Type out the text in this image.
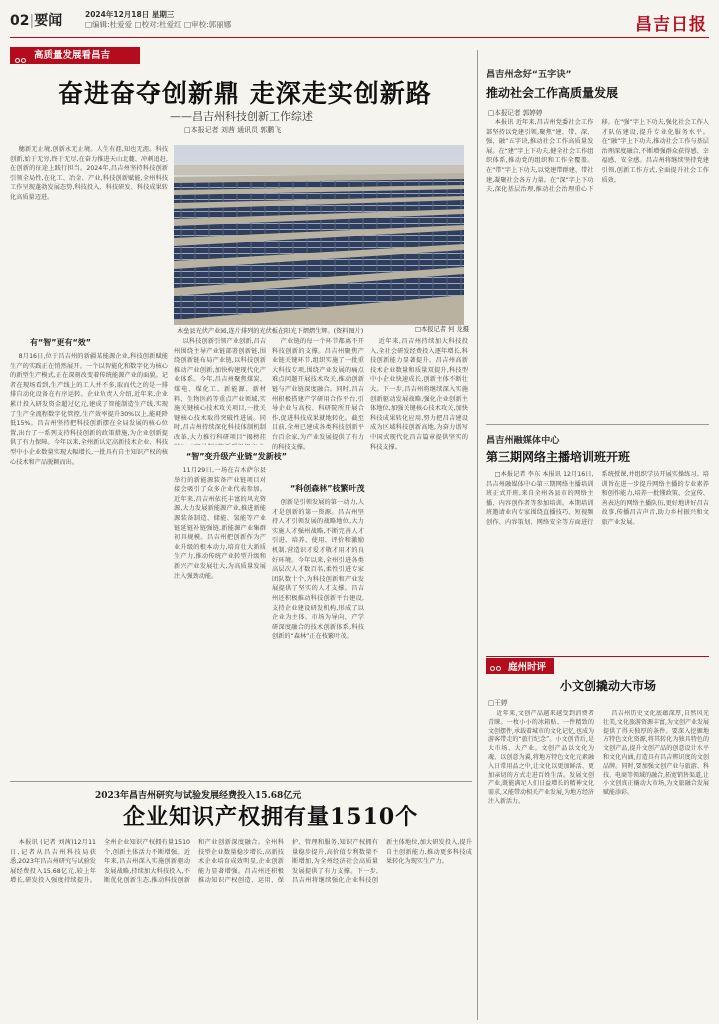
02|要闻	2024年12月18日 星期三
□编辑:杜爱爱 □校对:杜爱红 □审校:郭丽娜	昌吉日报
高质量发展看昌吉
奋进奋夺创新鼎 走深走实创新路
——昌吉州科技创新工作综述
□本报记者 刘茜 通讯员 郭鹏飞

穗新无止境,创新永无止境。人生有涯,知也无涯。科技创新,始于无穷,终于无尽,在奋力推进天山北麓、冲刺追赶,在创新的征途上践行担当。2024年,昌吉州坚持科技创新引领全局性,在化工、冶金、产业,科技创新赋能,全州科技工作呈现蓬勃发展态势,科技投入、科技研发、科技成果转化高质量迈进。

有“智”更有“效”

8月16日,位于昌吉州的新疆某能源企业,科技创新赋能生产的实践正在悄然展开。一个以智能化和数字化为核心的新型生产模式,正在深刻改变着传统能源产业的面貌。记者在现场看到,生产线上的工人并不多,取而代之的是一排排自动化设备在有序运转。企业负责人介绍,近年来,企业累计投入研发资金超过亿元,建成了智能制造生产线,实现了生产全流程数字化管控,生产效率提升30%以上,能耗降低15%。昌吉州坚持把科技创新摆在全局发展的核心位置,出台了一系列支持科技创新的政策措施,为企业创新提供了有力保障。今年以来,全州新认定高新技术企业、科技型中小企业数量实现大幅增长,一批具有自主知识产权的核心技术和产品脱颖而出。

木垒县光伏产业园,连片排列的光伏板在阳光下熠熠生辉。(资料图片)	□本报记者 何 龙摄

以科技创新引领产业创新,昌吉州围绕主导产业链部署创新链,围绕创新链布局产业链,以科技创新推动产业创新,加快构建现代化产业体系。今年,昌吉州聚焦煤炭、煤电、煤化工、新能源、新材料、生物医药等重点产业领域,实施关键核心技术攻关项目,一批关键核心技术取得突破性进展。同时,昌吉州持续深化科技体制机制改革,大力推行科研项目“揭榜挂

“智”变升级产业链“发新枝”

11月29日,一场在吉木萨尔县举行的新能源装备产业链项目对接会吸引了众多企业代表参加。近年来,昌吉州依托丰富的风光资源,大力发展新能源产业,推进新能源装备制造、储能、氢能等产业链延链补链强链,新能源产业集群初具规模。昌吉州把创新作为产业升级的根本动力,培育壮大新质生产力,推动传统产业转型升级和新兴产业发展壮大,为高质量发展注入强劲动能。

产业链的每一个环节都离不开科技创新的支撑。昌吉州聚焦产业链关键环节,组织实施了一批重大科技专项,围绕产业发展的痛点难点问题开展技术攻关,推动创新链与产业链深度融合。同时,昌吉州积极搭建产学研用合作平台,引导企业与高校、科研院所开展合作,促进科技成果就地转化。截至目前,全州已建成各类科技创新平台百余家,为产业发展提供了有力的科技支撑。

“科创森林”枝繁叶茂

创新是引领发展的第一动力,人才是创新的第一资源。昌吉州坚持人才引领发展的战略地位,大力实施人才强州战略,不断完善人才引进、培养、使用、评价和激励机制,营造识才爱才敬才用才的良好环境。今年以来,全州引进各类高层次人才数百名,柔性引进专家团队数十个,为科技创新和产业发展提供了坚实的人才支撑。昌吉州还积极推动科技创新平台建设,支持企业建设研发机构,形成了以企业为主体、市场为导向、产学研深度融合的技术创新体系,科技创新的“森林”正在枝繁叶茂。

近年来,昌吉州持续加大科技投入,全社会研发经费投入逐年增长,科技创新能力显著提升。昌吉州高新技术企业数量和质量双提升,科技型中小企业快速成长,创新主体不断壮大。下一步,昌吉州将继续深入实施创新驱动发展战略,强化企业创新主体地位,加强关键核心技术攻关,加快科技成果转化应用,努力把昌吉建设成为区域科技创新高地,为奋力谱写中国式现代化昌吉篇章提供坚实的科技支撑。

2023年昌吉州研究与试验发展经费投入15.68亿元
企业知识产权拥有量1510个

本报讯 (记者 刘茜)12月11日,记者从昌吉州科技局获悉,2023年昌吉州研究与试验发展经费投入15.68亿元,较上年增长,研发投入强度持续提升。全州企业知识产权拥有量1510个,创新主体活力不断增强。近年来,昌吉州深入实施创新驱动发展战略,持续加大科技投入,不断优化创新生态,推动科技创新和产业创新深度融合。全州科技型企业数量稳步增长,高新技术企业培育成效明显,企业创新能力显著增强。昌吉州还积极推动知识产权创造、运用、保护、管理和服务,知识产权拥有量稳步提升,高价值专利数量不断增加,为全州经济社会高质量发展提供了有力支撑。下一步,昌吉州将继续强化企业科技创新主体地位,加大研发投入,提升自主创新能力,推动更多科技成果转化为现实生产力。

昌吉州念好“五字诀”
推动社会工作高质量发展
□本报记者 郭婷婷

本报讯 近年来,昌吉州党委社会工作部坚持以党建引领,聚焦“建、带、深、强、融”五字诀,推动社会工作高质量发展。在“建”字上下功夫,健全社会工作组织体系,推动党的组织和工作全覆盖。在“带”字上下功夫,以党建带群建、带社建,凝聚社会各方力量。在“深”字上下功夫,深化基层治理,推动社会治理重心下移。在“强”字上下功夫,强化社会工作人才队伍建设,提升专业化服务水平。在“融”字上下功夫,推动社会工作与基层治理深度融合,不断增强群众获得感、幸福感、安全感。昌吉州将继续坚持党建引领,创新工作方式,全面提升社会工作质效。

昌吉州融媒体中心
第三期网络主播培训班开班

□本报记者 李东 本报讯 12月16日,昌吉州融媒体中心第三期网络主播培训班正式开班,来自全州各县市的网络主播、内容创作者等参加培训。本期培训班邀请业内专家围绕直播技巧、短视频创作、内容策划、网络安全等方面进行系统授课,并组织学员开展实操练习。培训旨在进一步提升网络主播的专业素养和创作能力,培养一批懂政策、会宣传、善表达的网络主播队伍,更好地讲好昌吉故事,传播昌吉声音,助力乡村振兴和文旅产业发展。

庭州时评
小文创撬动大市场
□王婷

近年来,文创产品越来越受到消费者青睐。一枚小小的冰箱贴、一件精致的文创摆件,承载着城市的文化记忆,也成为游客带走的“旅行纪念”。小文创背后,是大市场、大产业。文创产品以文化为魂、以创意为翼,将地方特色文化元素融入日常用品之中,让文化以更加鲜活、更加亲切的方式走进百姓生活。发展文创产业,既能满足人们日益增长的精神文化需求,又能带动相关产业发展,为地方经济注入新活力。

昌吉州历史文化底蕴深厚,自然风光壮美,文化旅游资源丰富,为文创产业发展提供了得天独厚的条件。要深入挖掘地方特色文化资源,将其转化为独具特色的文创产品,提升文创产品的创意设计水平和文化内涵,打造具有昌吉辨识度的文创品牌。同时,要加强文创产业与旅游、科技、电商等领域的融合,拓宽销售渠道,让小文创真正撬动大市场,为文旅融合发展赋能添彩。
